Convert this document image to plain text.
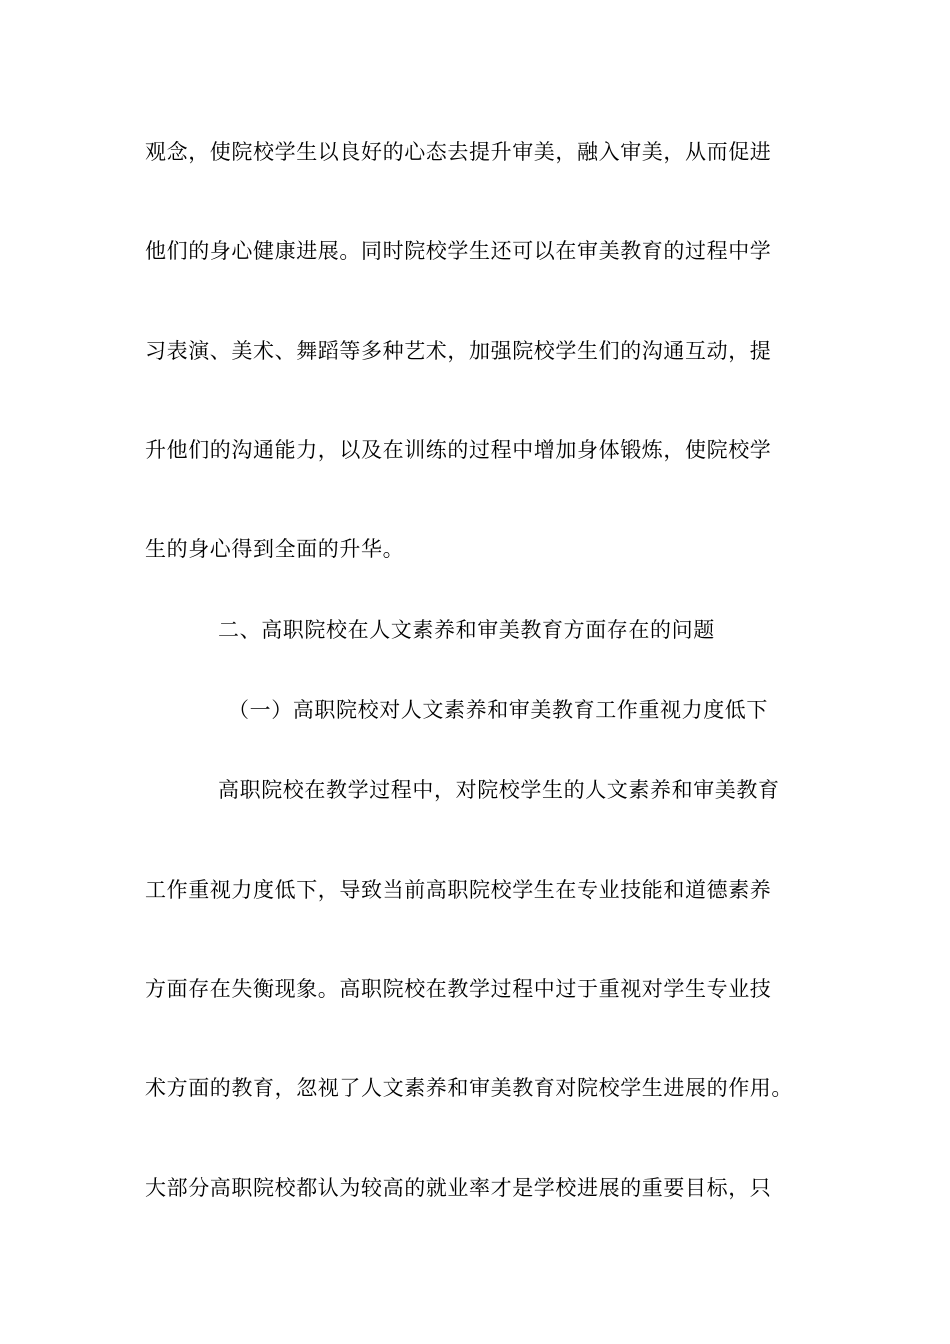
观念，使院校学生以良好的心态去提升审美，融入审美，从而促进
他们的身心健康进展。同时院校学生还可以在审美教育的过程中学
习表演、美术、舞蹈等多种艺术，加强院校学生们的沟通互动，提
升他们的沟通能力，以及在训练的过程中增加身体锻炼，使院校学
生的身心得到全面的升华。
二、高职院校在人文素养和审美教育方面存在的问题
（一）高职院校对人文素养和审美教育工作重视力度低下
高职院校在教学过程中，对院校学生的人文素养和审美教育
工作重视力度低下，导致当前高职院校学生在专业技能和道德素养
方面存在失衡现象。高职院校在教学过程中过于重视对学生专业技
术方面的教育，忽视了人文素养和审美教育对院校学生进展的作用。
大部分高职院校都认为较高的就业率才是学校进展的重要目标，只
